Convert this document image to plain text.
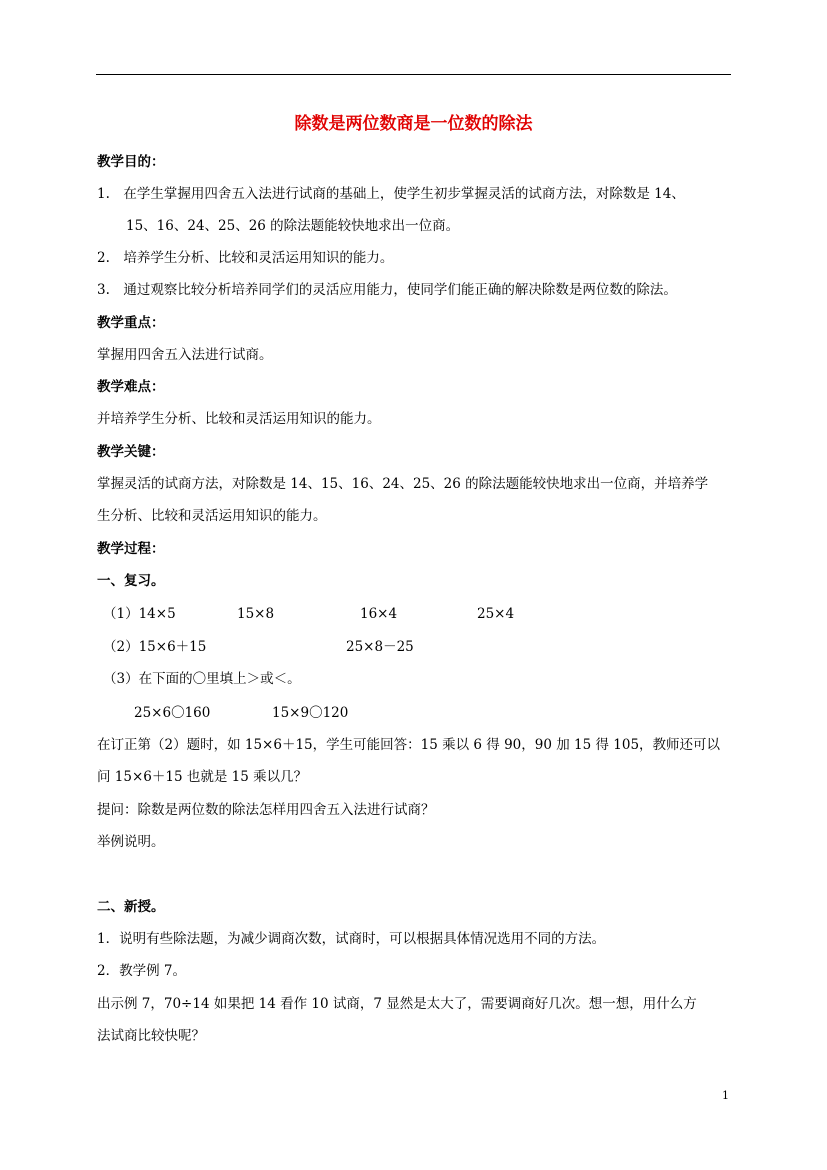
除数是两位数商是一位数的除法
教学目的：
1.　在学生掌握用四舍五入法进行试商的基础上，使学生初步掌握灵活的试商方法，对除数是 14、
15、16、24、25、26 的除法题能较快地求出一位商。
2.　培养学生分析、比较和灵活运用知识的能力。
3.　通过观察比较分析培养同学们的灵活应用能力，使同学们能正确的解决除数是两位数的除法。
教学重点：
掌握用四舍五入法进行试商。
教学难点：
并培养学生分析、比较和灵活运用知识的能力。
教学关键：
掌握灵活的试商方法，对除数是 14、15、16、24、25、26 的除法题能较快地求出一位商，并培养学
生分析、比较和灵活运用知识的能力。
教学过程：
一、复习。
（1）14×5	15×8	16×4	25×4
（2）15×6＋15	25×8－25
（3）在下面的〇里填上＞或＜。
25×6〇160	15×9〇120
在订正第（2）题时，如 15×6＋15，学生可能回答：15 乘以 6 得 90，90 加 15 得 105，教师还可以
问 15×6＋15 也就是 15 乘以几？
提问：除数是两位数的除法怎样用四舍五入法进行试商？
举例说明。
二、新授。
1．说明有些除法题，为减少调商次数，试商时，可以根据具体情况选用不同的方法。
2．教学例 7。
出示例 7，70÷14 如果把 14 看作 10 试商，7 显然是太大了，需要调商好几次。想一想，用什么方
法试商比较快呢？
1
